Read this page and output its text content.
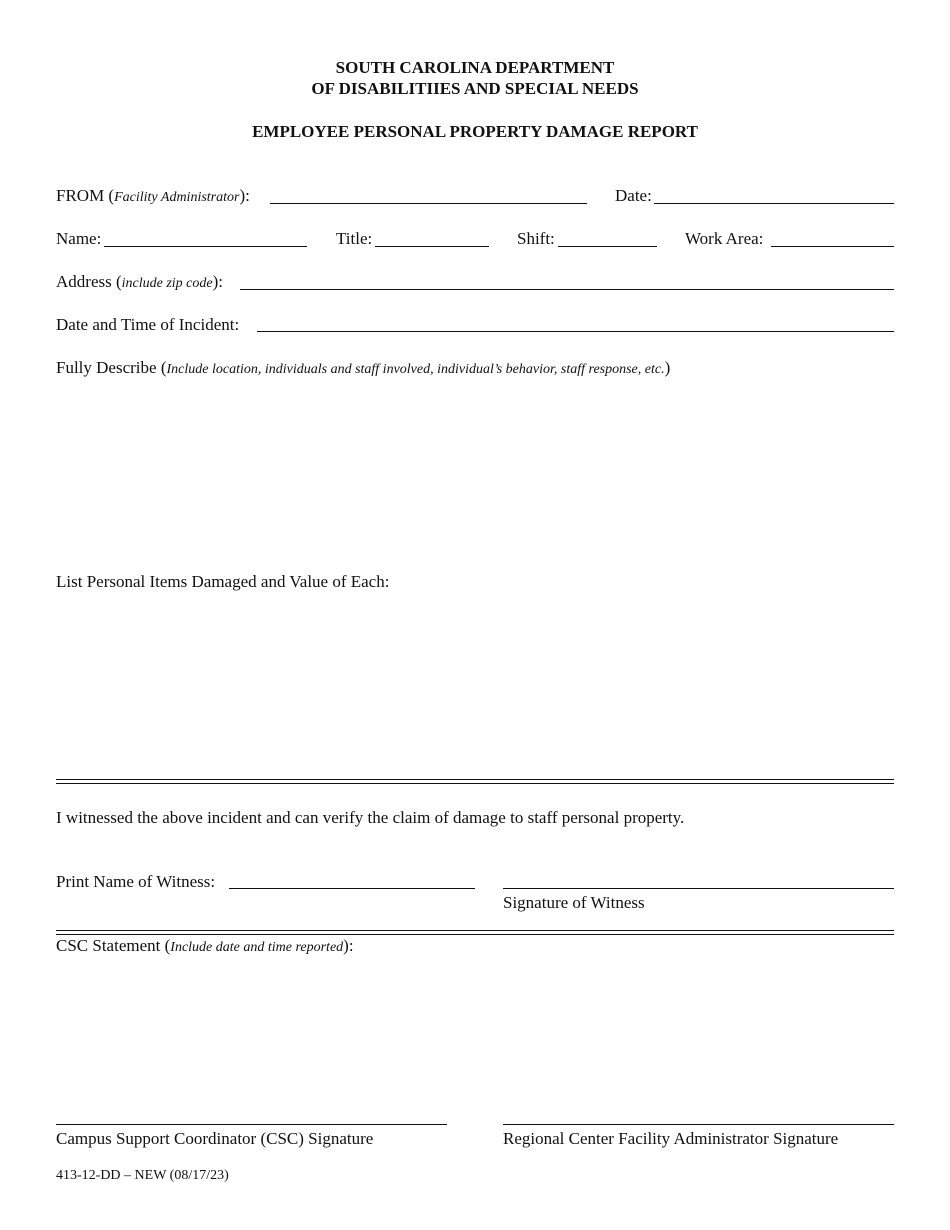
SOUTH CAROLINA DEPARTMENT
OF DISABILITIIES AND SPECIAL NEEDS
EMPLOYEE PERSONAL PROPERTY DAMAGE REPORT
FROM (Facility Administrator):	Date:
Name:	Title:	Shift:	Work Area:
Address (include zip code):
Date and Time of Incident:
Fully Describe (Include location, individuals and staff involved, individual’s behavior, staff response, etc.)
List Personal Items Damaged and Value of Each:
I witnessed the above incident and can verify the claim of damage to staff personal property.
Print Name of Witness:
Signature of Witness
CSC Statement (Include date and time reported):
Campus Support Coordinator (CSC) Signature	Regional Center Facility Administrator Signature
413-12-DD – NEW (08/17/23)
